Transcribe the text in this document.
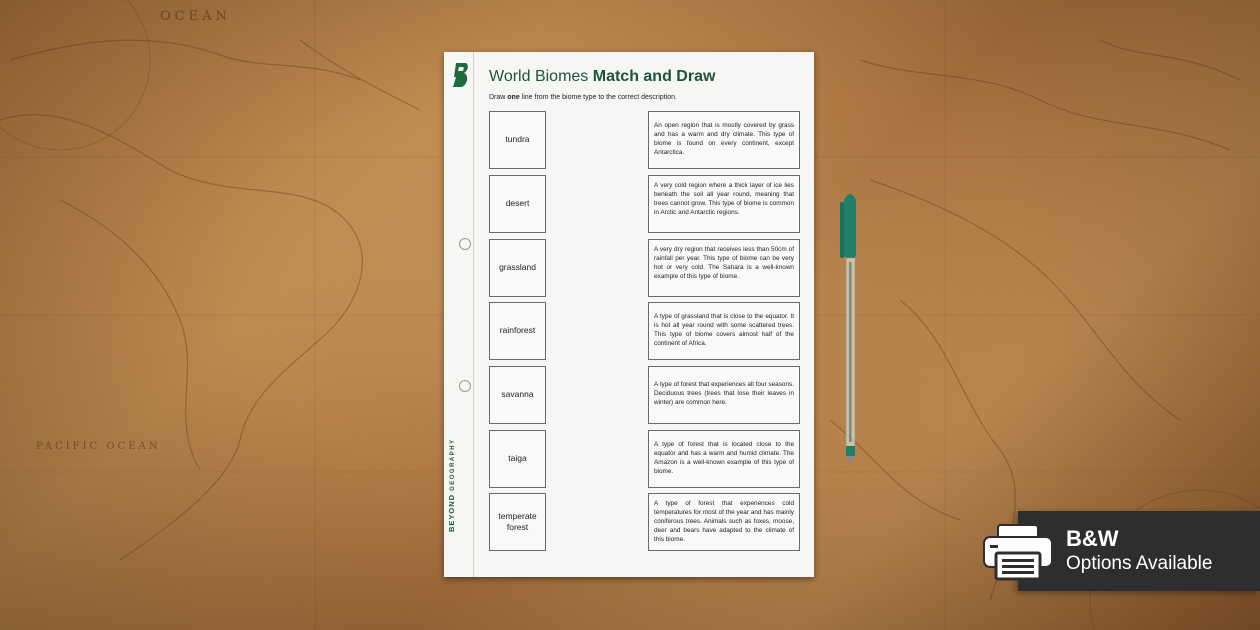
OCEAN
PACIFIC OCEAN
BEYONDGEOGRAPHY
World Biomes Match and Draw
Draw one line from the biome type to the correct description.
tundra
desert
grassland
rainforest
savanna
taiga
temperate forest
An open region that is mostly covered by grass and has a warm and dry climate. This type of biome is found on every continent, except Antarctica.
A very cold region where a thick layer of ice lies beneath the soil all year round, meaning that trees cannot grow. This type of biome is common in Arctic and Antarctic regions.
A very dry region that receives less than 50cm of rainfall per year. This type of biome can be very hot or very cold. The Sahara is a well-known example of this type of biome.
A type of grassland that is close to the equator. It is hot all year round with some scattered trees. This type of biome covers almost half of the continent of Africa.
A type of forest that experiences all four seasons. Deciduous trees (trees that lose their leaves in winter) are common here.
A type of forest that is located close to the equator and has a warm and humid climate. The Amazon is a well-known example of this type of biome.
A type of forest that experiences cold temperatures for most of the year and has mainly coniferous trees. Animals such as foxes, moose, deer and bears have adapted to the climate of this biome.	B&W
Options Available
